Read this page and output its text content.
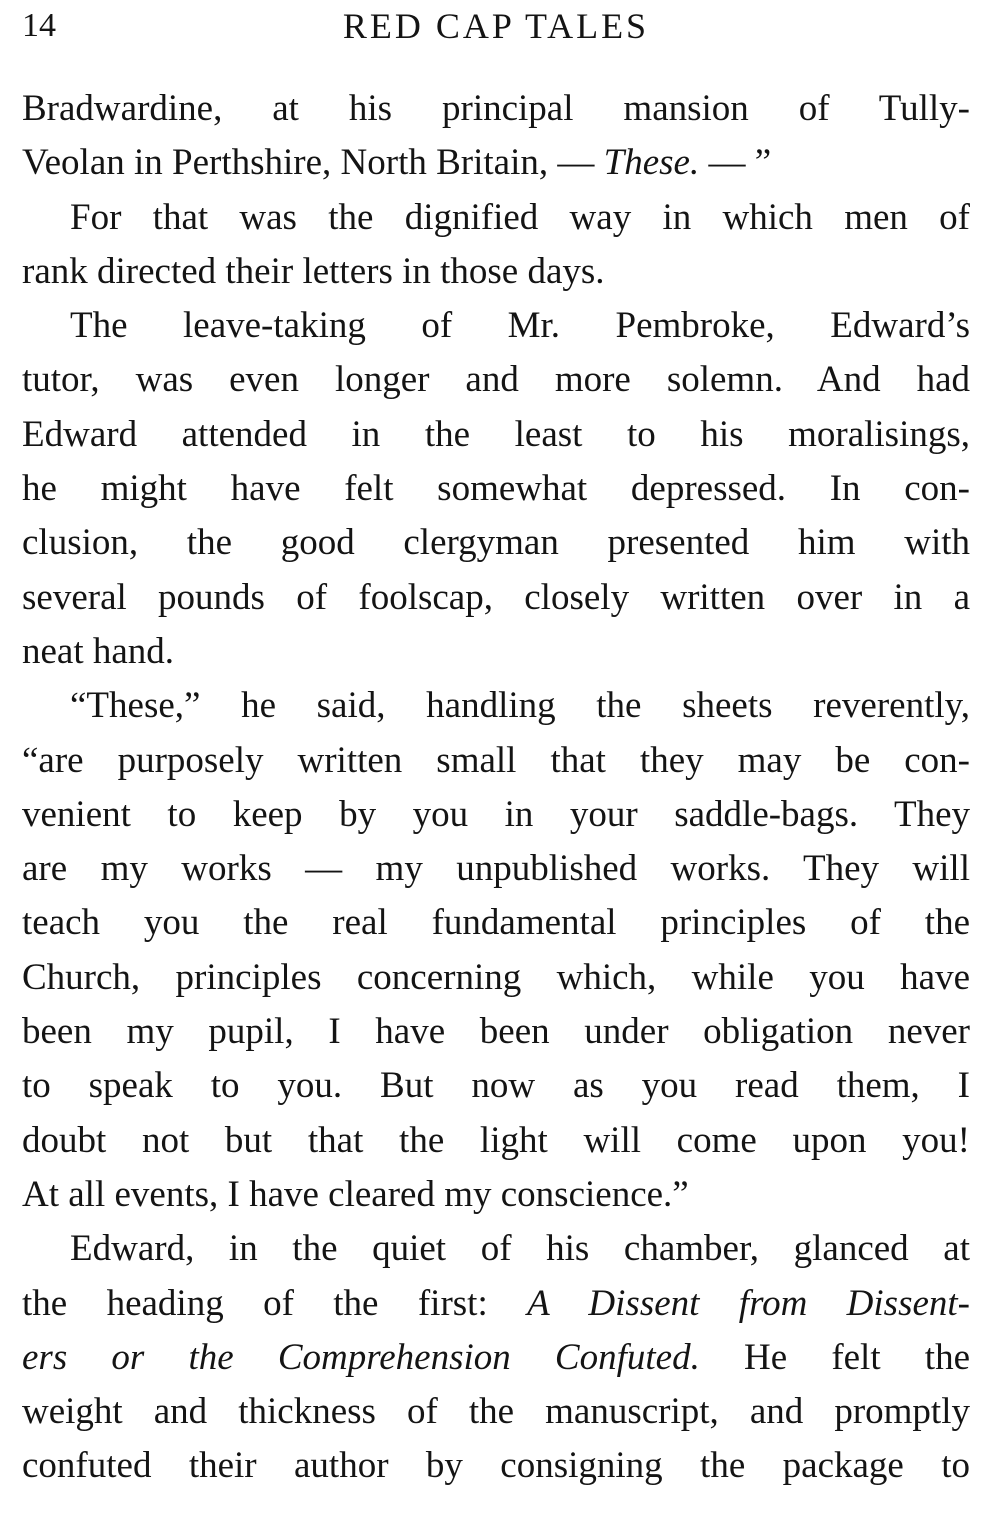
14	RED CAP TALES
Bradwardine, at his principal mansion of Tully-
Veolan in Perthshire, North Britain, — These. — ”
For that was the dignified way in which men of
rank directed their letters in those days.
The leave-taking of Mr. Pembroke, Edward’s
tutor, was even longer and more solemn. And had
Edward attended in the least to his moralisings,
he might have felt somewhat depressed. In con-
clusion, the good clergyman presented him with
several pounds of foolscap, closely written over in a
neat hand.
“These,” he said, handling the sheets reverently,
“are purposely written small that they may be con-
venient to keep by you in your saddle-bags. They
are my works — my unpublished works. They will
teach you the real fundamental principles of the
Church, principles concerning which, while you have
been my pupil, I have been under obligation never
to speak to you. But now as you read them, I
doubt not but that the light will come upon you!
At all events, I have cleared my conscience.”
Edward, in the quiet of his chamber, glanced at
the heading of the first: A Dissent from Dissent-
ers or the Comprehension Confuted. He felt the
weight and thickness of the manuscript, and promptly
confuted their author by consigning the package to
